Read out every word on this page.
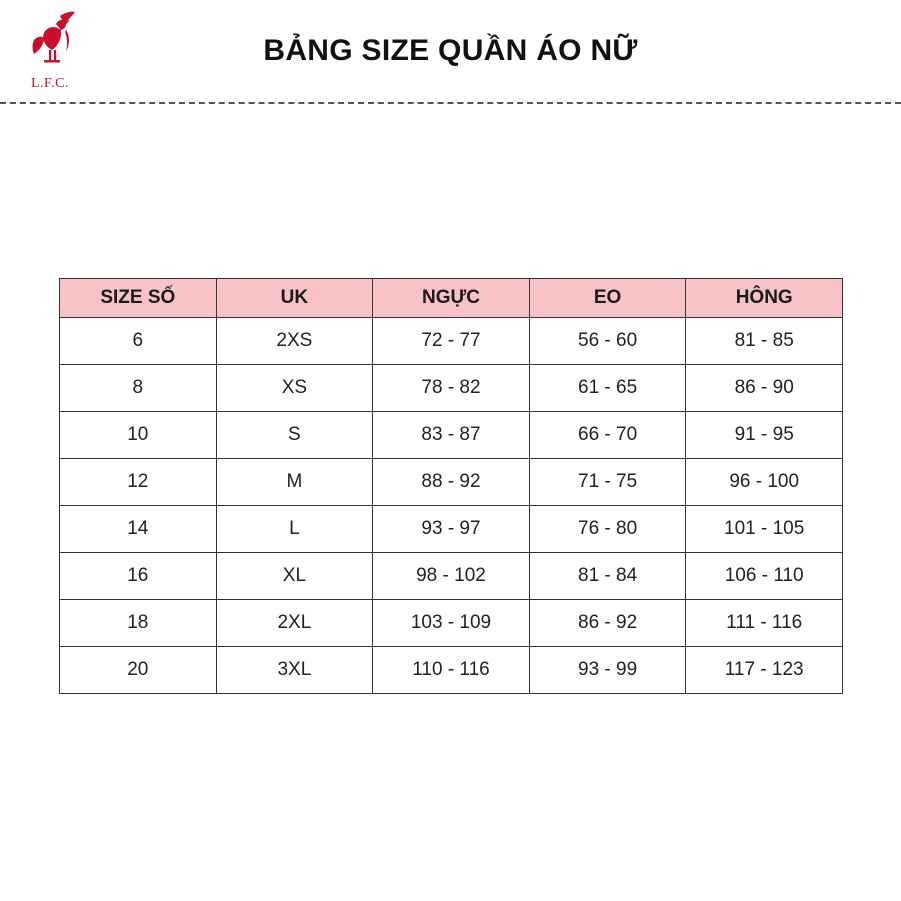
L.F.C.
BẢNG SIZE QUẦN ÁO NỮ
SIZE SỐ	UK	NGỰC	EO	HÔNG
6	2XS	72 - 77	56 - 60	81 - 85
8	XS	78 - 82	61 - 65	86 - 90
10	S	83 - 87	66 - 70	91 - 95
12	M	88 - 92	71 - 75	96 - 100
14	L	93 - 97	76 - 80	101 - 105
16	XL	98 - 102	81 - 84	106 - 110
18	2XL	103 - 109	86 - 92	111 - 116
20	3XL	110 - 116	93 - 99	117 - 123
